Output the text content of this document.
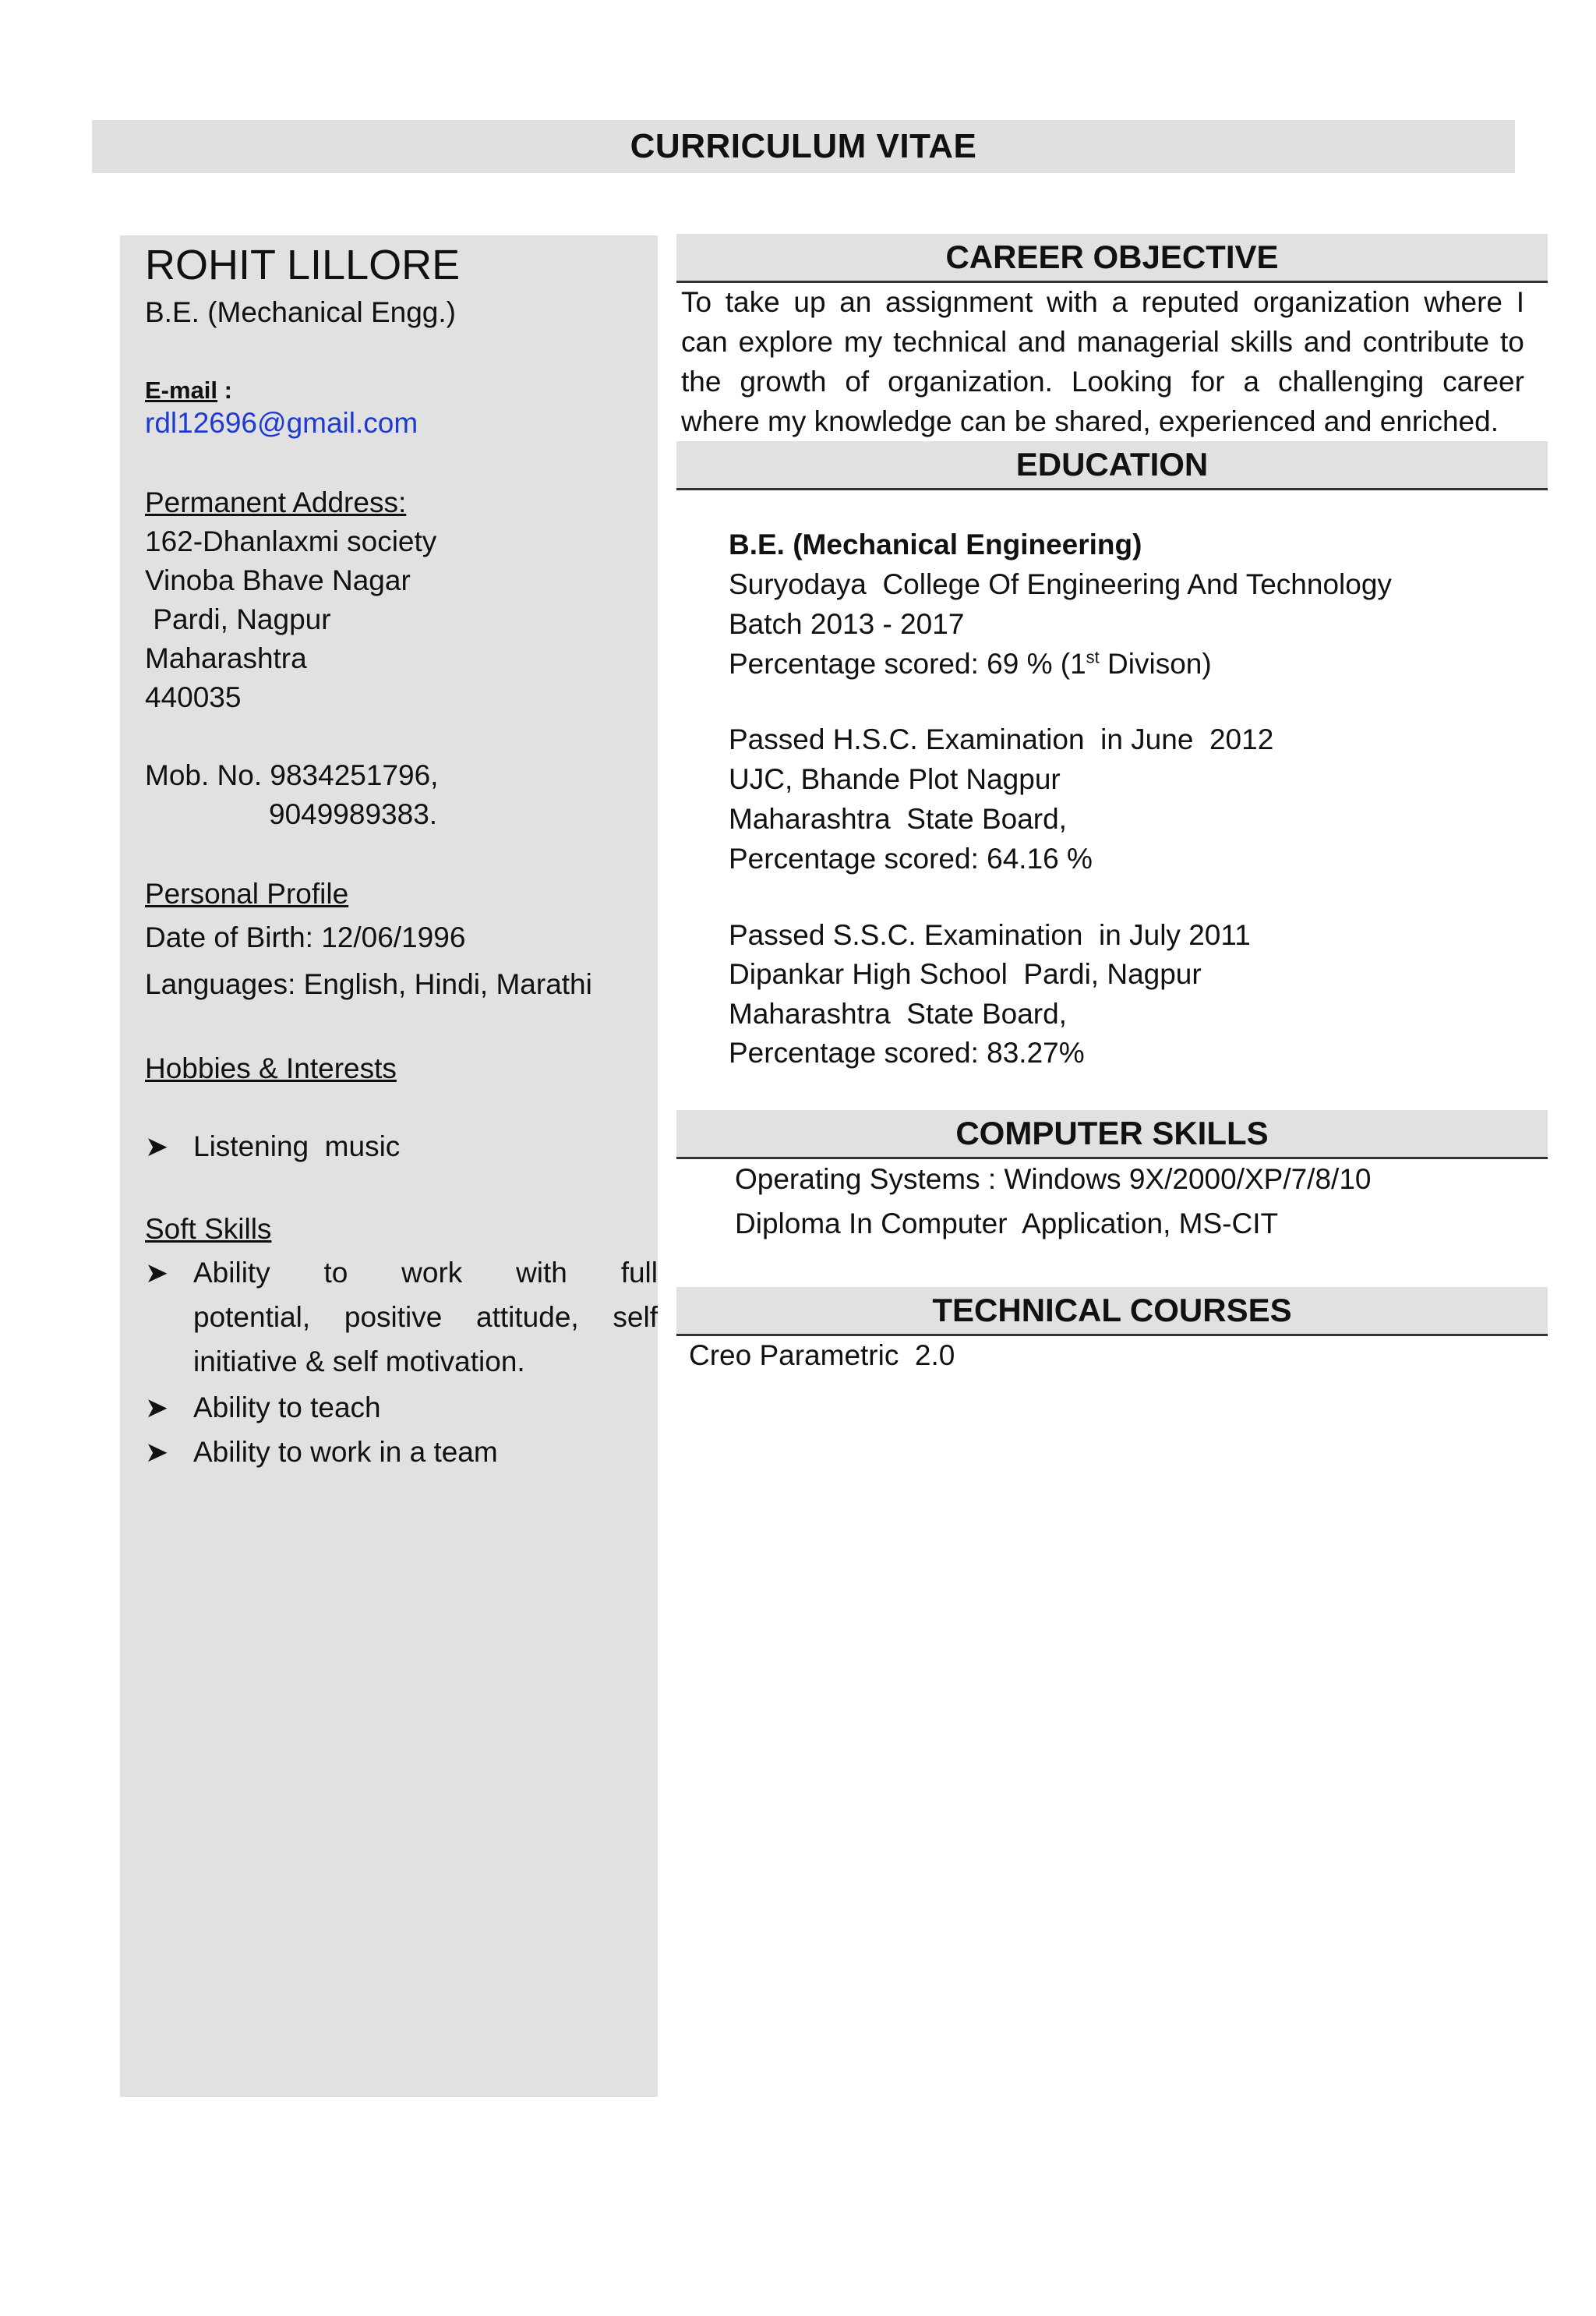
CURRICULUM VITAE
ROHIT LILLORE
B.E. (Mechanical Engg.)
E-mail :
rdl12696@gmail.com
Permanent Address:
162-Dhanlaxmi society
Vinoba Bhave Nagar
Pardi, Nagpur
Maharashtra
440035
Mob. No. 9834251796,
9049989383.
Personal Profile
Date of Birth: 12/06/1996
Languages: English, Hindi, Marathi
Hobbies & Interests
➤ Listening  music
Soft Skills
➤ Ability to work with full
potential, positive attitude, self
initiative & self motivation.
➤ Ability to teach
➤ Ability to work in a team
CAREER OBJECTIVE
To take up an assignment with a reputed organization where I
can explore my technical and managerial skills and contribute to
the growth of organization. Looking for a challenging career
where my knowledge can be shared, experienced and enriched.
EDUCATION
B.E. (Mechanical Engineering)
Suryodaya  College Of Engineering And Technology
Batch 2013 - 2017
Percentage scored: 69 % (1st Divison)
Passed H.S.C. Examination  in June  2012
UJC, Bhande Plot Nagpur
Maharashtra  State Board,
Percentage scored: 64.16 %
Passed S.S.C. Examination  in July 2011
Dipankar High School  Pardi, Nagpur
Maharashtra  State Board,
Percentage scored: 83.27%
COMPUTER SKILLS
Operating Systems : Windows 9X/2000/XP/7/8/10
Diploma In Computer  Application, MS-CIT
TECHNICAL COURSES
Creo Parametric  2.0
